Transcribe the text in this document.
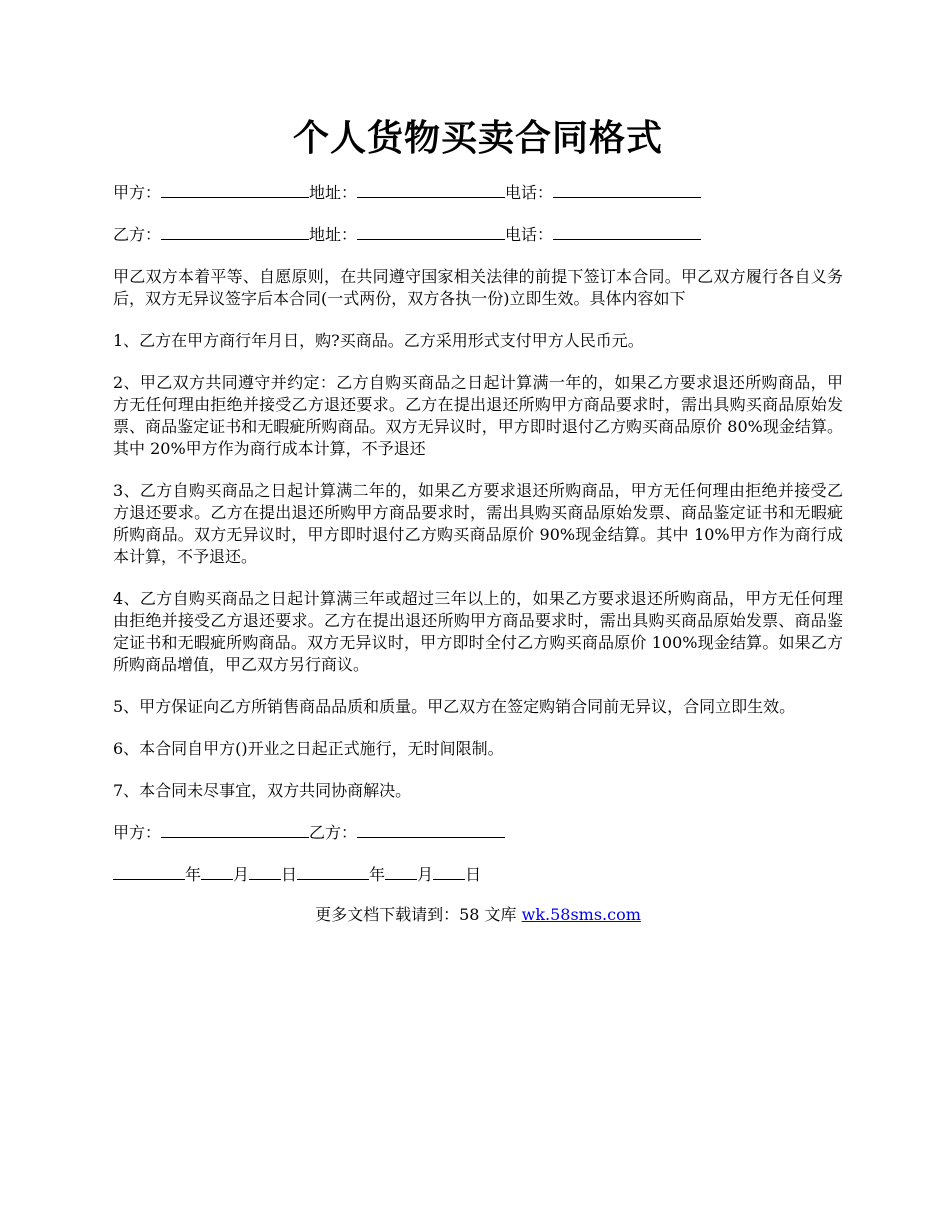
个人货物买卖合同格式
甲方：	地址：	电话：
乙方：	地址：	电话：

甲乙双方本着平等、自愿原则，在共同遵守国家相关法律的前提下签订本合同。甲乙双方履行各自义务后，双方无异议签字后本合同(一式两份，双方各执一份)立即生效。具体内容如下

1、乙方在甲方商行年月日，购?买商品。乙方采用形式支付甲方人民币元。

2、甲乙双方共同遵守并约定：乙方自购买商品之日起计算满一年的，如果乙方要求退还所购商品，甲方无任何理由拒绝并接受乙方退还要求。乙方在提出退还所购甲方商品要求时，需出具购买商品原始发票、商品鉴定证书和无暇疵所购商品。双方无异议时，甲方即时退付乙方购买商品原价 80%现金结算。其中 20%甲方作为商行成本计算，不予退还

3、乙方自购买商品之日起计算满二年的，如果乙方要求退还所购商品，甲方无任何理由拒绝并接受乙方退还要求。乙方在提出退还所购甲方商品要求时，需出具购买商品原始发票、商品鉴定证书和无暇疵所购商品。双方无异议时，甲方即时退付乙方购买商品原价 90%现金结算。其中 10%甲方作为商行成本计算，不予退还。

4、乙方自购买商品之日起计算满三年或超过三年以上的，如果乙方要求退还所购商品，甲方无任何理由拒绝并接受乙方退还要求。乙方在提出退还所购甲方商品要求时，需出具购买商品原始发票、商品鉴定证书和无暇疵所购商品。双方无异议时，甲方即时全付乙方购买商品原价 100%现金结算。如果乙方所购商品增值，甲乙双方另行商议。

5、甲方保证向乙方所销售商品品质和质量。甲乙双方在签定购销合同前无异议，合同立即生效。

6、本合同自甲方()开业之日起正式施行，无时间限制。

7、本合同未尽事宜，双方共同协商解决。

甲方：	乙方：
年 月 日	年 月 日
更多文档下载请到：58 文库 wk.58sms.com
